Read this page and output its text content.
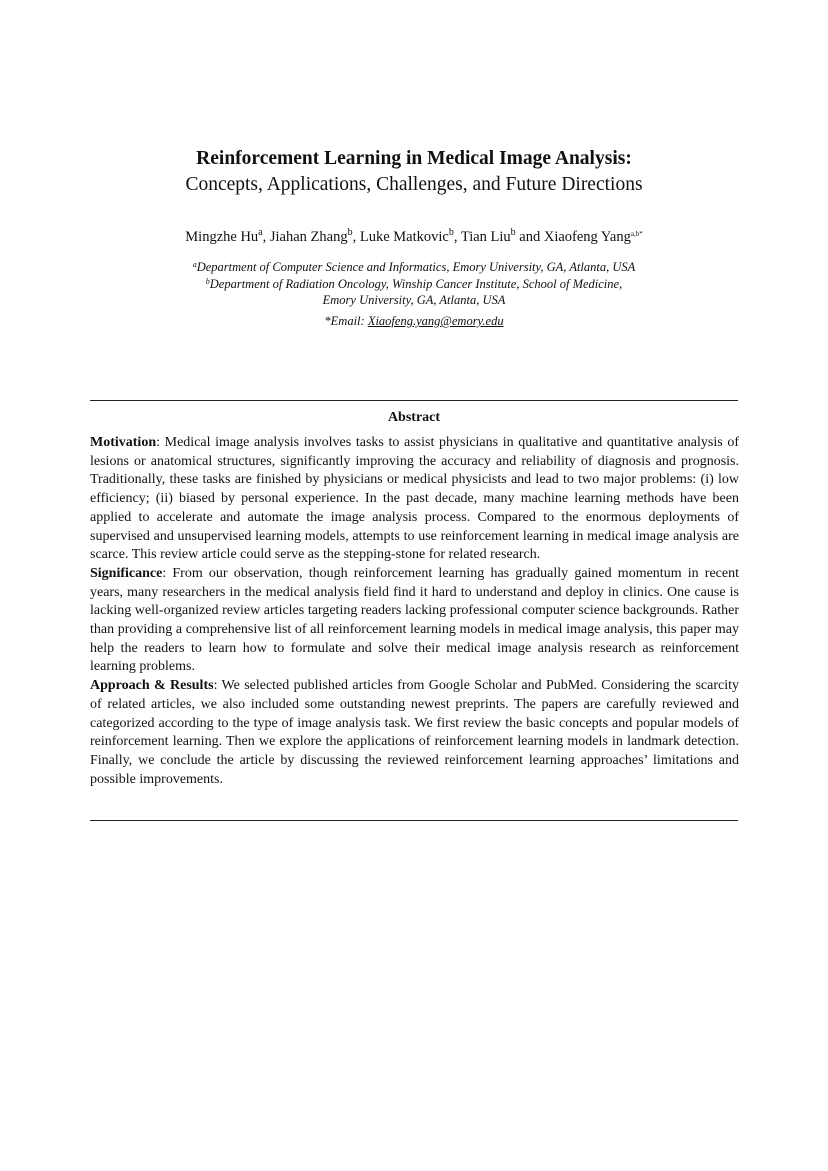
Reinforcement Learning in Medical Image Analysis:
Concepts, Applications, Challenges, and Future Directions
Mingzhe Hu$^a$, Jiahan Zhang$^b$, Luke Matkovic$^b$, Tian Liu$^b$ and Xiaofeng Yang$^{a,b*}$
$^a$Department of Computer Science and Informatics, Emory University, GA, Atlanta, USA
$^b$Department of Radiation Oncology, Winship Cancer Institute, School of Medicine,
Emory University, GA, Atlanta, USA
*Email: Xiaofeng.yang@emory.edu
Abstract

Motivation: Medical image analysis involves tasks to assist physicians in qualitative and quantitative analysis of lesions or anatomical structures, significantly improving the accuracy and reliability of diagnosis and prognosis. Traditionally, these tasks are finished by physicians or medical physicists and lead to two major problems: (i) low efficiency; (ii) biased by personal experience. In the past decade, many machine learning methods have been applied to accelerate and automate the image analysis process. Compared to the enormous deployments of supervised and unsupervised learning models, attempts to use reinforcement learning in medical image analysis are scarce. This review article could serve as the stepping-stone for related research.

Significance: From our observation, though reinforcement learning has gradually gained momentum in recent years, many researchers in the medical analysis field find it hard to understand and deploy in clinics. One cause is lacking well-organized review articles targeting readers lacking professional computer science backgrounds. Rather than providing a comprehensive list of all reinforcement learning models in medical image analysis, this paper may help the readers to learn how to formulate and solve their medical image analysis research as reinforcement learning problems.

Approach & Results: We selected published articles from Google Scholar and PubMed. Considering the scarcity of related articles, we also included some outstanding newest preprints. The papers are carefully reviewed and categorized according to the type of image analysis task. We first review the basic concepts and popular models of reinforcement learning. Then we explore the applications of reinforcement learning models in landmark detection. Finally, we conclude the article by discussing the reviewed reinforcement learning approaches’ limitations and possible improvements.
